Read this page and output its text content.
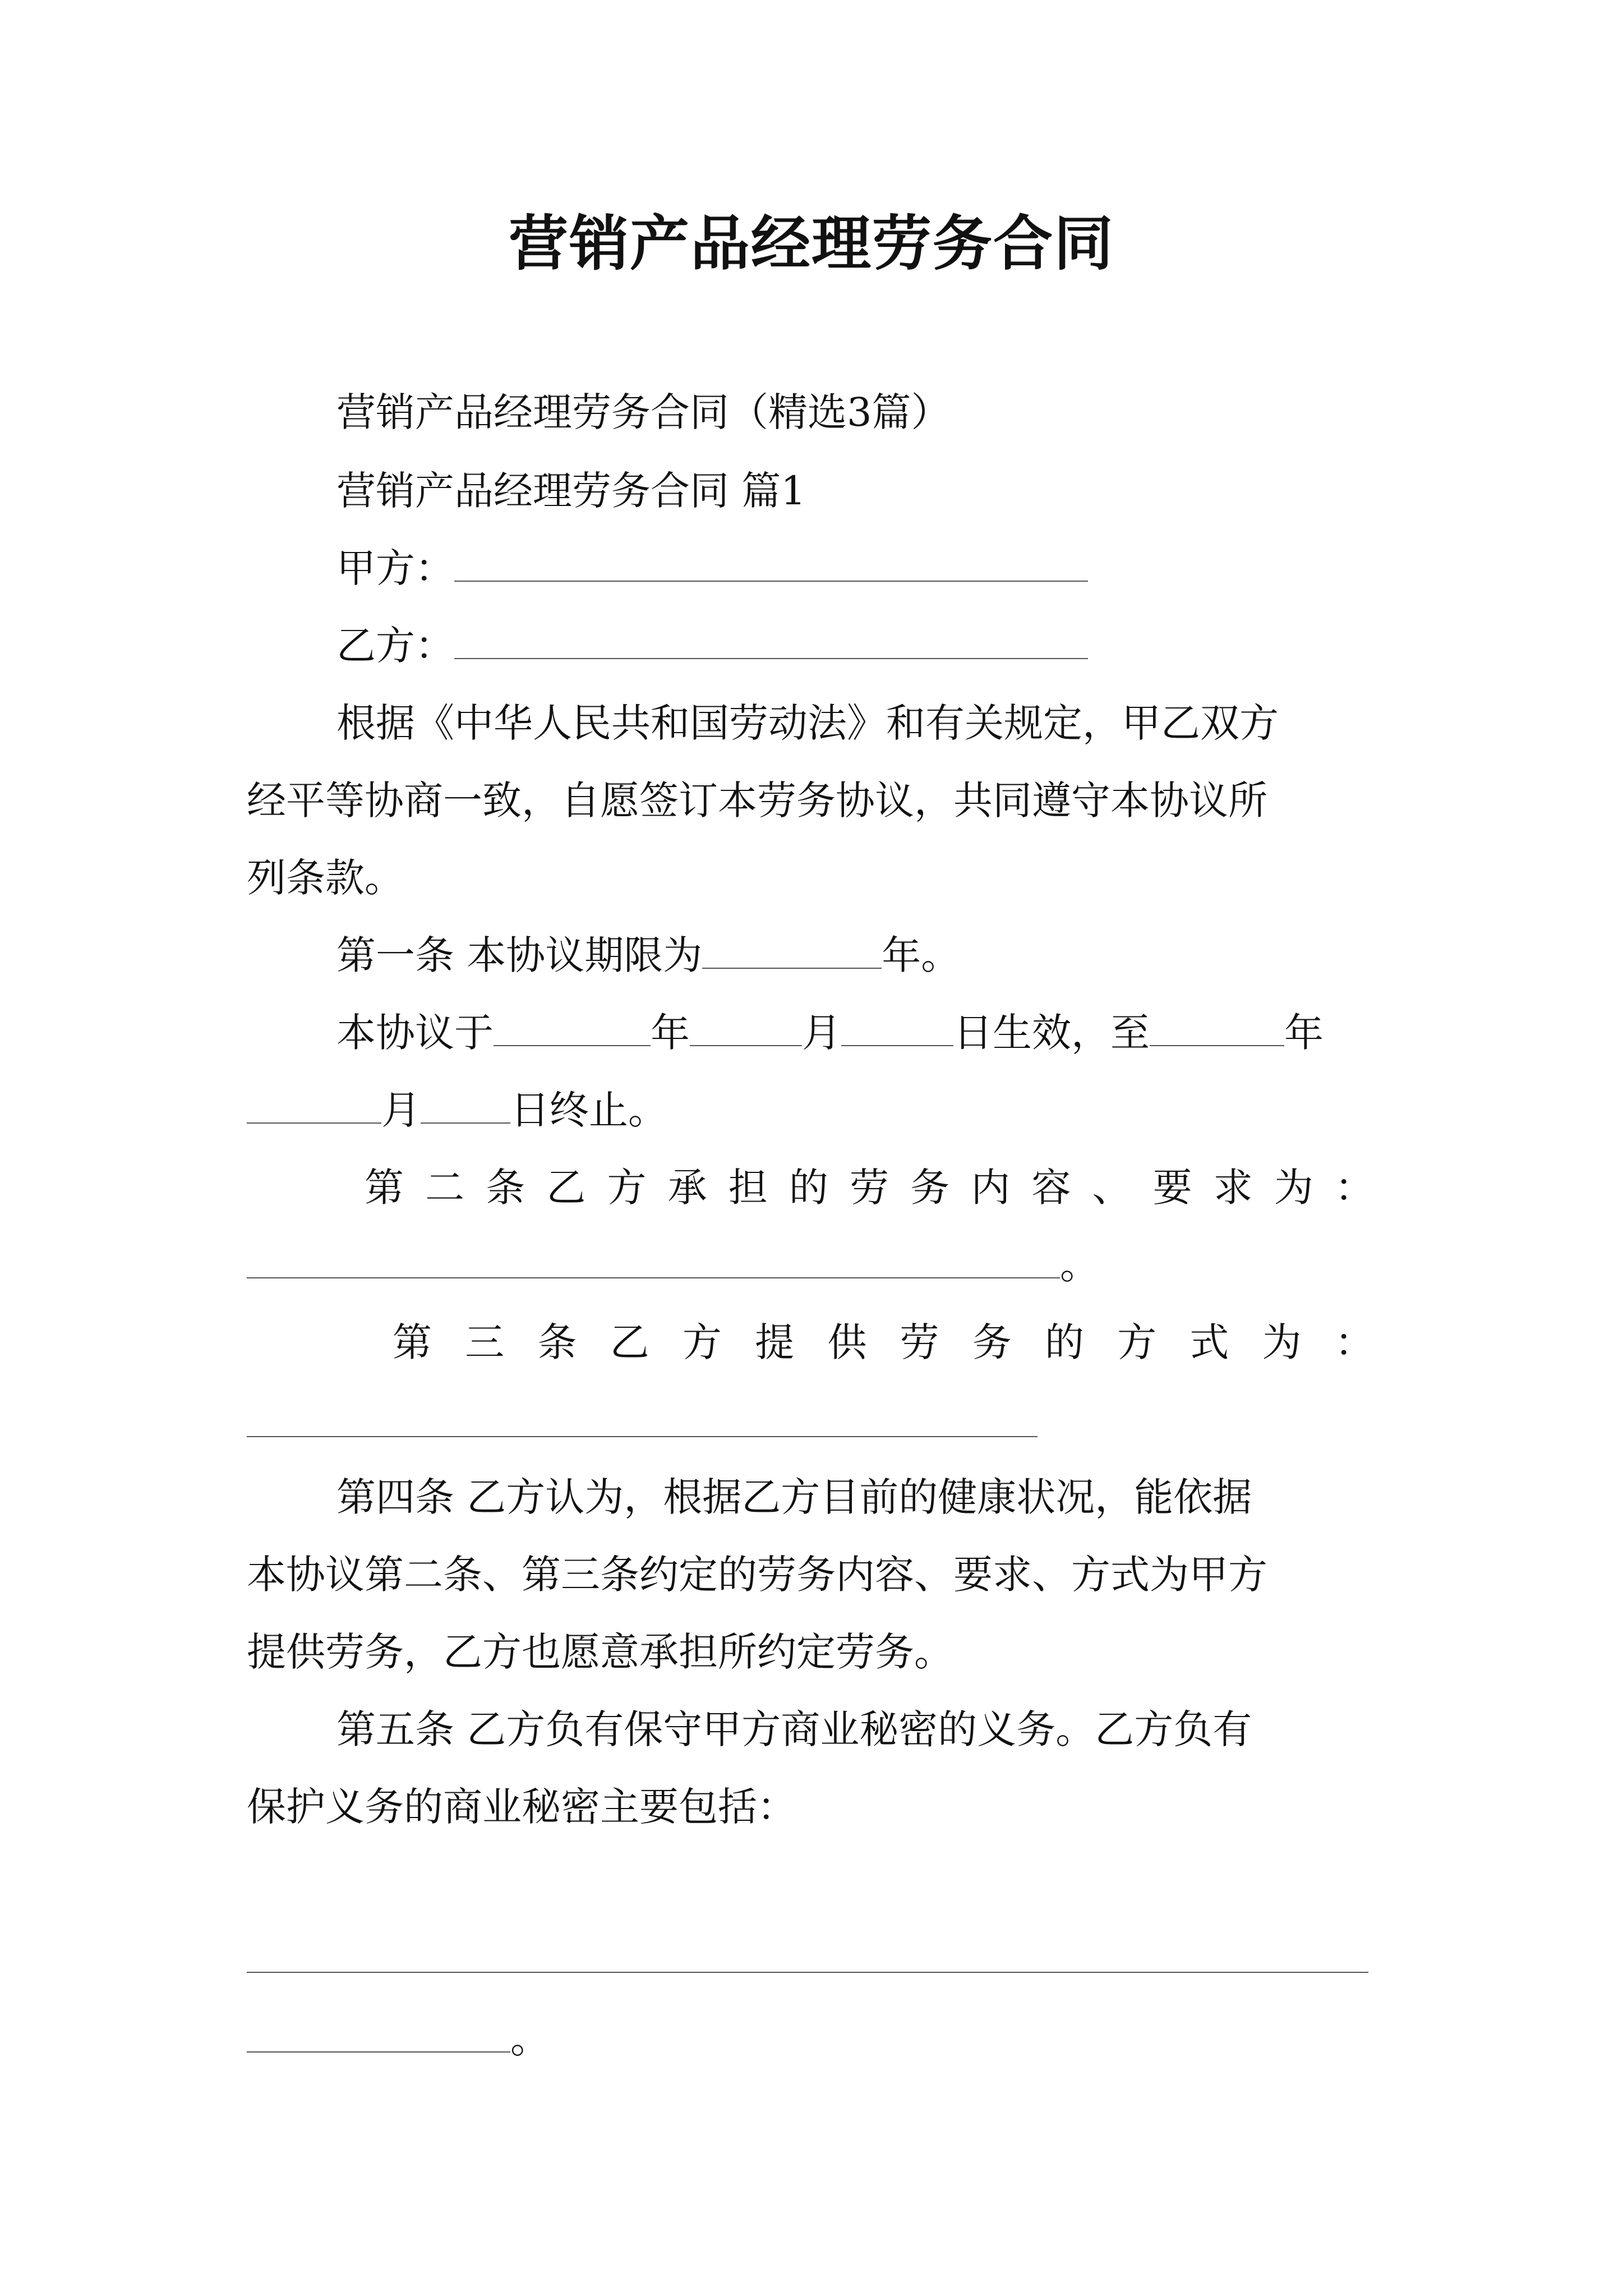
营销产品经理劳务合同
营销产品经理劳务合同（精选3篇）
营销产品经理劳务合同 篇1
甲方：
乙方：
根据《中华人民共和国劳动法》和有关规定，甲乙双方
经平等协商一致，自愿签订本劳务协议，共同遵守本协议所
列条款。
第一条 本协议期限为	年。
本协议于	年	月	日生效，至	年
月 日终止。
第 二 条 乙 方 承 担 的 劳 务 内 容 、 要 求 为 ：
。
第 三 条 乙 方 提 供 劳 务 的 方 式 为 ：
第四条 乙方认为，根据乙方目前的健康状况，能依据
本协议第二条、第三条约定的劳务内容、要求、方式为甲方
提供劳务，乙方也愿意承担所约定劳务。
第五条 乙方负有保守甲方商业秘密的义务。乙方负有
保护义务的商业秘密主要包括：
。
